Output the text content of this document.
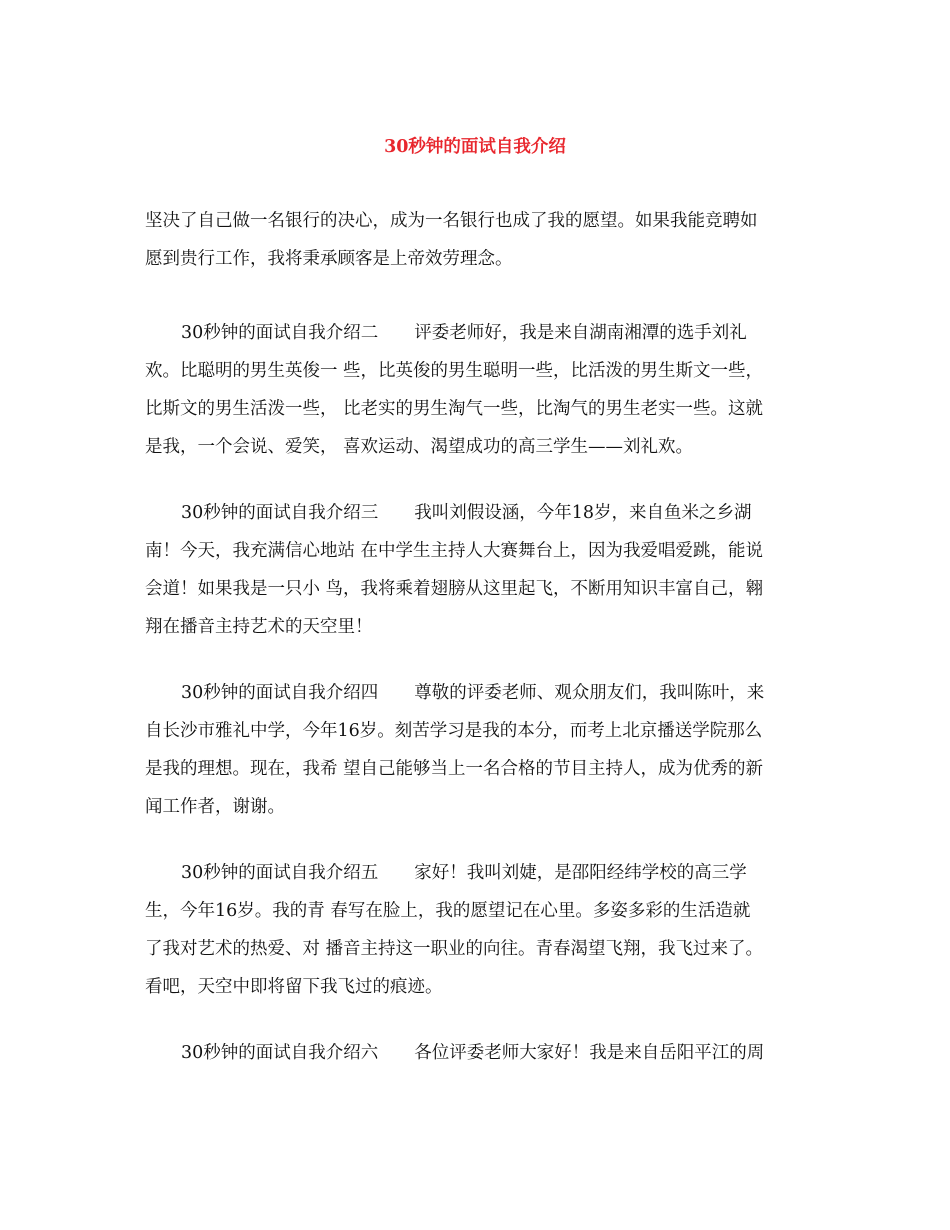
30秒钟的面试自我介绍
坚决了自己做一名银行的决心，成为一名银行也成了我的愿望。如果我能竞聘如
愿到贵行工作，我将秉承顾客是上帝效劳理念。
30秒钟的面试自我介绍二 评委老师好，我是来自湖南湘潭的选手刘礼
欢。比聪明的男生英俊一 些，比英俊的男生聪明一些，比活泼的男生斯文一些，
比斯文的男生活泼一些， 比老实的男生淘气一些，比淘气的男生老实一些。这就
是我，一个会说、爱笑， 喜欢运动、渴望成功的高三学生——刘礼欢。
30秒钟的面试自我介绍三 我叫刘假设涵，今年18岁，来自鱼米之乡湖
南！今天，我充满信心地站 在中学生主持人大赛舞台上，因为我爱唱爱跳，能说
会道！如果我是一只小 鸟，我将乘着翅膀从这里起飞，不断用知识丰富自己，翱
翔在播音主持艺术的天空里！
30秒钟的面试自我介绍四 尊敬的评委老师、观众朋友们，我叫陈叶，来
自长沙市雅礼中学，今年16岁。刻苦学习是我的本分，而考上北京播送学院那么
是我的理想。现在，我希 望自己能够当上一名合格的节目主持人，成为优秀的新
闻工作者，谢谢。
30秒钟的面试自我介绍五 家好！我叫刘婕，是邵阳经纬学校的高三学
生，今年16岁。我的青 春写在脸上，我的愿望记在心里。多姿多彩的生活造就
了我对艺术的热爱、对 播音主持这一职业的向往。青春渴望飞翔，我飞过来了。
看吧，天空中即将留下我飞过的痕迹。
30秒钟的面试自我介绍六 各位评委老师大家好！我是来自岳阳平江的周
